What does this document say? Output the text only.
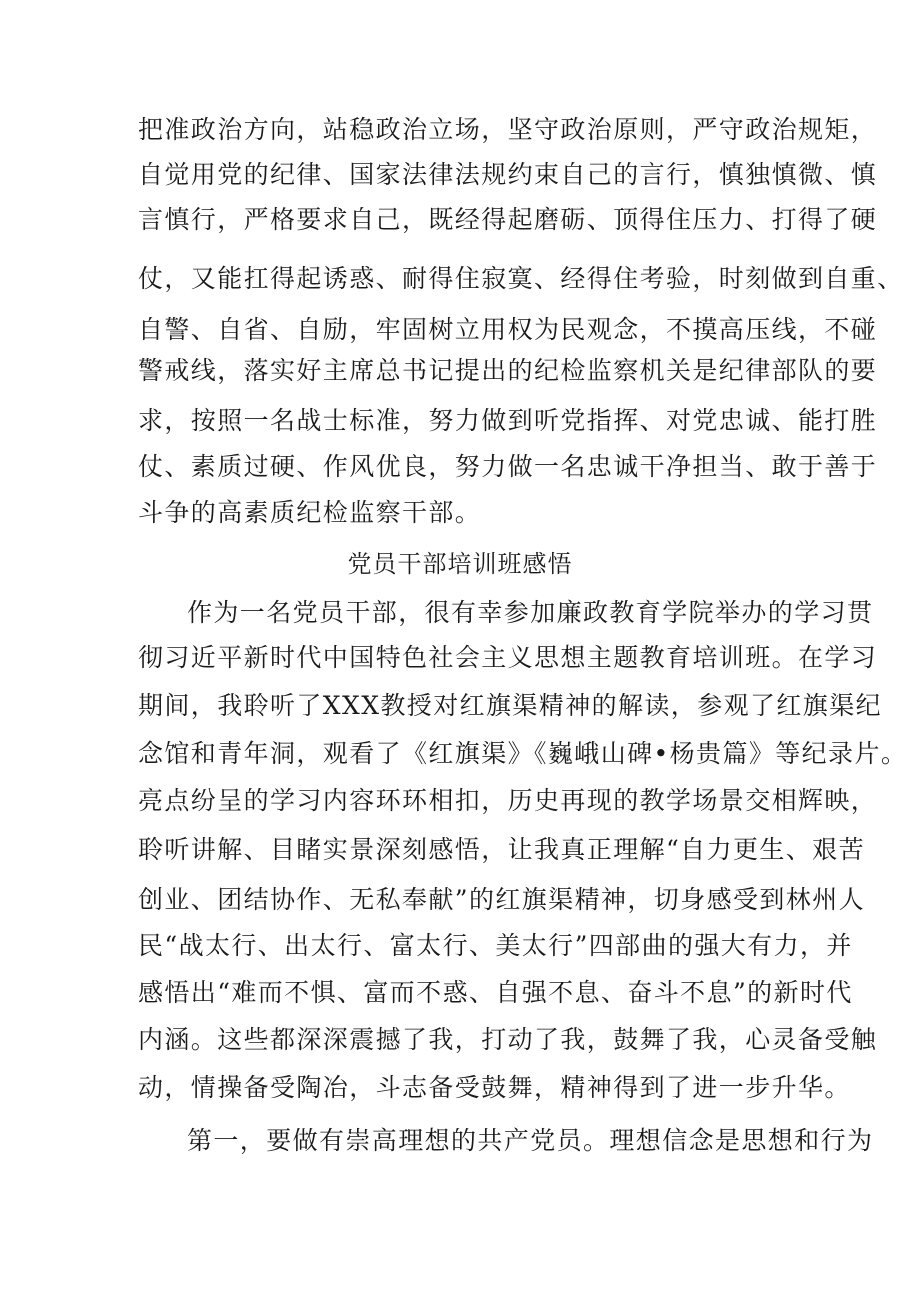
把准政治方向，站稳政治立场，坚守政治原则，严守政治规矩，
自觉用党的纪律、国家法律法规约束自己的言行，慎独慎微、慎
言慎行，严格要求自己，既经得起磨砺、顶得住压力、打得了硬
仗，又能扛得起诱惑、耐得住寂寞、经得住考验，时刻做到自重、
自警、自省、自励，牢固树立用权为民观念，不摸高压线，不碰
警戒线，落实好主席总书记提出的纪检监察机关是纪律部队的要
求，按照一名战士标准，努力做到听党指挥、对党忠诚、能打胜
仗、素质过硬、作风优良，努力做一名忠诚干净担当、敢于善于
斗争的高素质纪检监察干部。
党员干部培训班感悟
作为一名党员干部，很有幸参加廉政教育学院举办的学习贯
彻习近平新时代中国特色社会主义思想主题教育培训班。在学习
期间，我聆听了XXX教授对红旗渠精神的解读，参观了红旗渠纪
念馆和青年洞，观看了《红旗渠》《巍峨山碑•杨贵篇》等纪录片。
亮点纷呈的学习内容环环相扣，历史再现的教学场景交相辉映，
聆听讲解、目睹实景深刻感悟，让我真正理解“自力更生、艰苦
创业、团结协作、无私奉献”的红旗渠精神，切身感受到林州人
民“战太行、出太行、富太行、美太行”四部曲的强大有力，并
感悟出“难而不惧、富而不惑、自强不息、奋斗不息”的新时代
内涵。这些都深深震撼了我，打动了我，鼓舞了我，心灵备受触
动，情操备受陶冶，斗志备受鼓舞，精神得到了进一步升华。
第一，要做有崇高理想的共产党员。理想信念是思想和行为
